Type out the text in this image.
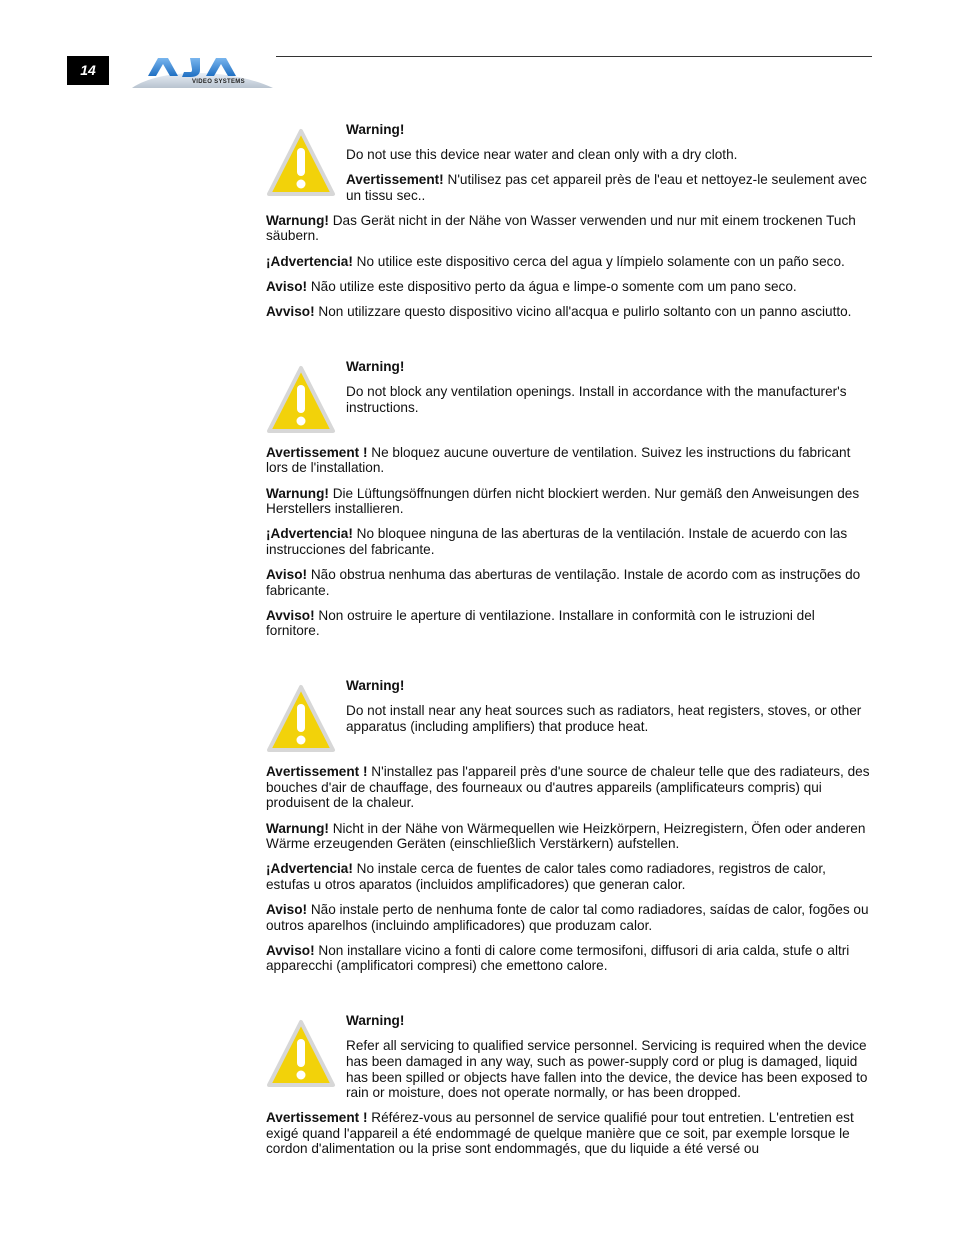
14
VIDEO SYSTEMS
Warning!
Do not use this device near water and clean only with a dry cloth.
Avertissement! N'utilisez pas cet appareil près de l'eau et nettoyez-le seulement avec un tissu sec..
Warnung! Das Gerät nicht in der Nähe von Wasser verwenden und nur mit einem trockenen Tuch säubern.
¡Advertencia! No utilice este dispositivo cerca del agua y límpielo solamente con un paño seco.
Aviso! Não utilize este dispositivo perto da água e limpe-o somente com um pano seco.
Avviso! Non utilizzare questo dispositivo vicino all'acqua e pulirlo soltanto con un panno asciutto.
Warning!
Do not block any ventilation openings. Install in accordance with the manufacturer's instructions.
Avertissement ! Ne bloquez aucune ouverture de ventilation. Suivez les instructions du fabricant lors de l'installation.
Warnung! Die Lüftungsöffnungen dürfen nicht blockiert werden. Nur gemäß den Anweisungen des Herstellers installieren.
¡Advertencia! No bloquee ninguna de las aberturas de la ventilación. Instale de acuerdo con las instrucciones del fabricante.
Aviso! Não obstrua nenhuma das aberturas de ventilação. Instale de acordo com as instruções do fabricante.
Avviso! Non ostruire le aperture di ventilazione. Installare in conformità con le istruzioni del fornitore.
Warning!
Do not install near any heat sources such as radiators, heat registers, stoves, or other apparatus (including amplifiers) that produce heat.
Avertissement ! N'installez pas l'appareil près d'une source de chaleur telle que des radiateurs, des bouches d'air de chauffage, des fourneaux ou d'autres appareils (amplificateurs compris) qui produisent de la chaleur.
Warnung! Nicht in der Nähe von Wärmequellen wie Heizkörpern, Heizregistern, Öfen oder anderen Wärme erzeugenden Geräten (einschließlich Verstärkern) aufstellen.
¡Advertencia! No instale cerca de fuentes de calor tales como radiadores, registros de calor, estufas u otros aparatos (incluidos amplificadores) que generan calor.
Aviso! Não instale perto de nenhuma fonte de calor tal como radiadores, saídas de calor, fogões ou outros aparelhos (incluindo amplificadores) que produzam calor.
Avviso! Non installare vicino a fonti di calore come termosifoni, diffusori di aria calda, stufe o altri apparecchi (amplificatori compresi) che emettono calore.
Warning!
Refer all servicing to qualified service personnel. Servicing is required when the device has been damaged in any way, such as power-supply cord or plug is damaged, liquid has been spilled or objects have fallen into the device, the device has been exposed to rain or moisture, does not operate normally, or has been dropped.
Avertissement ! Référez-vous au personnel de service qualifié pour tout entretien. L'entretien est exigé quand l'appareil a été endommagé de quelque manière que ce soit, par exemple lorsque le cordon d'alimentation ou la prise sont endommagés, que du liquide a été versé ou
